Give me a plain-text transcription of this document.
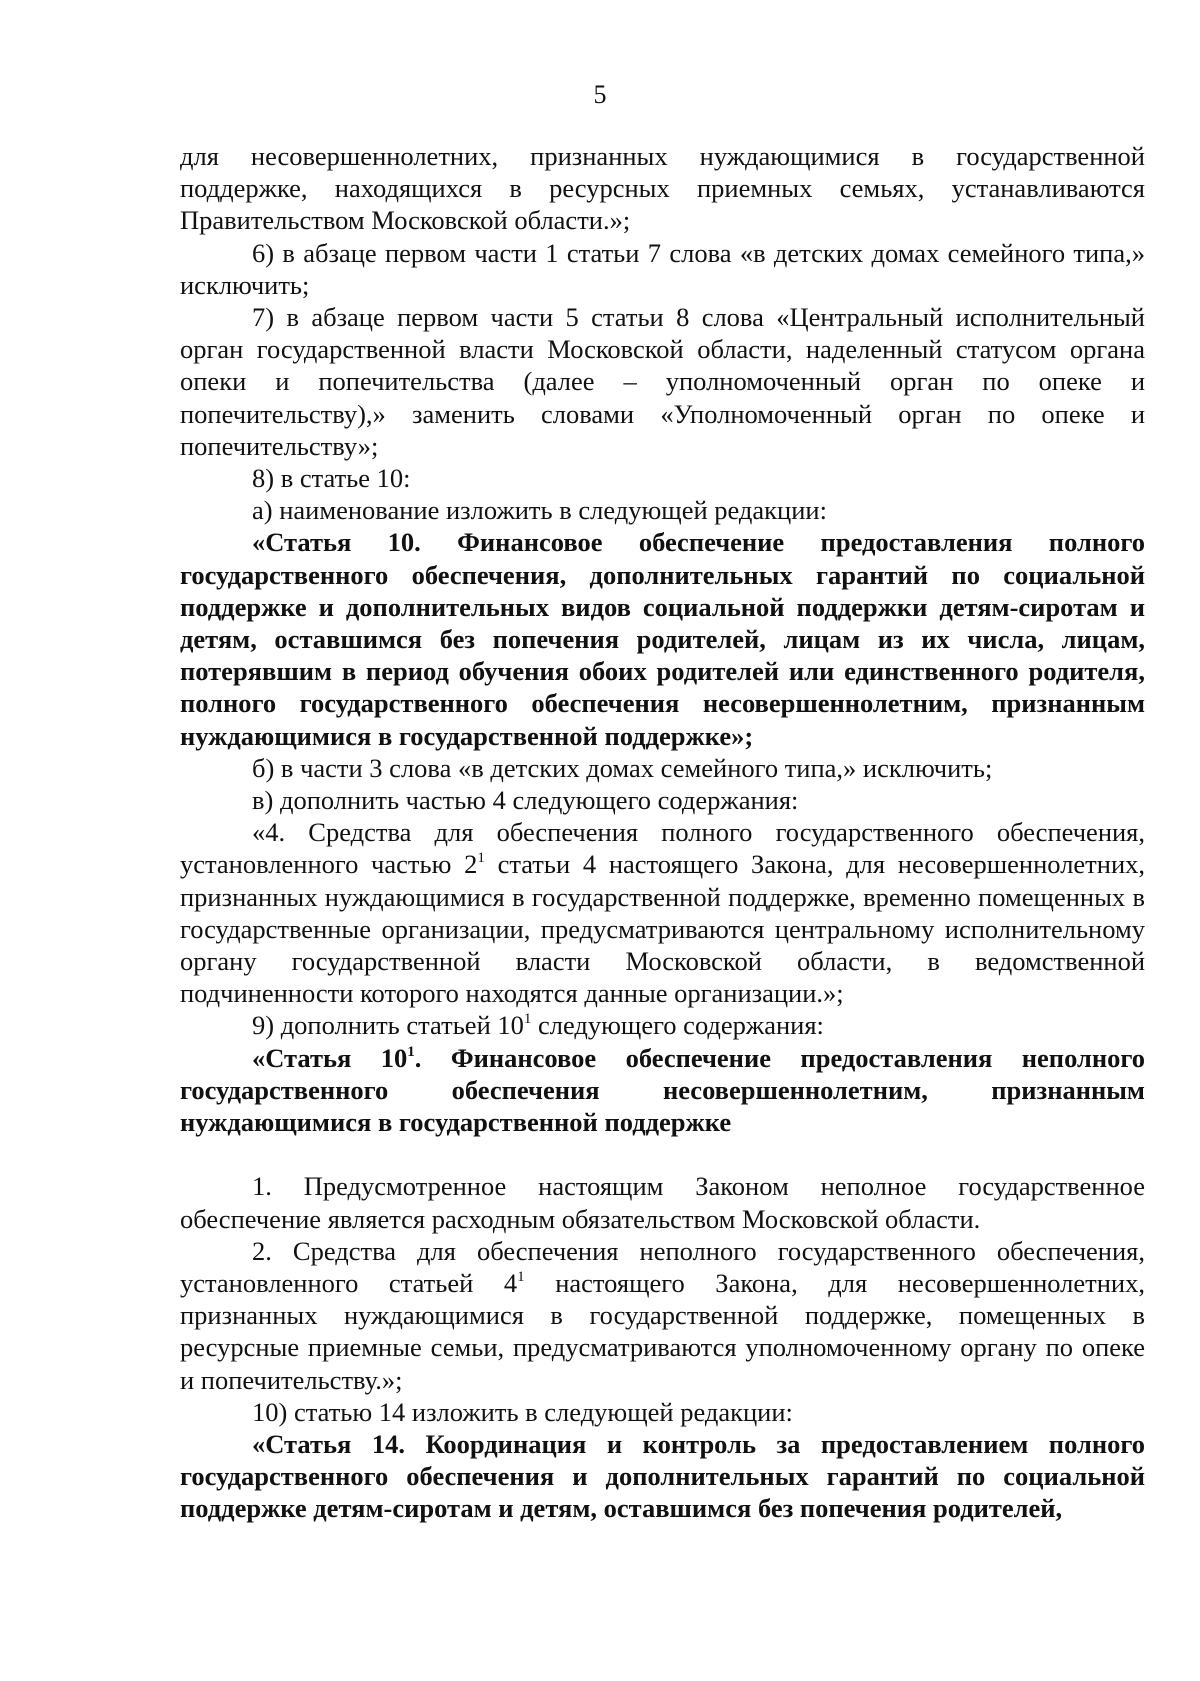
5

для несовершеннолетних, признанных нуждающимися в государственной поддержке, находящихся в ресурсных приемных семьях, устанавливаются Правительством Московской области.»;

6) в абзаце первом части 1 статьи 7 слова «в детских домах семейного типа,» исключить;

7) в абзаце первом части 5 статьи 8 слова «Центральный исполнительный орган государственной власти Московской области, наделенный статусом органа опеки и попечительства (далее – уполномоченный орган по опеке и попечительству),» заменить словами «Уполномоченный орган по опеке и попечительству»;

8) в статье 10:

а) наименование изложить в следующей редакции:

«Статья 10. Финансовое обеспечение предоставления полного государственного обеспечения, дополнительных гарантий по социальной поддержке и дополнительных видов социальной поддержки детям-сиротам и детям, оставшимся без попечения родителей, лицам из их числа, лицам, потерявшим в период обучения обоих родителей или единственного родителя, полного государственного обеспечения несовершеннолетним, признанным нуждающимися в государственной поддержке»;

б) в части 3 слова «в детских домах семейного типа,» исключить;

в) дополнить частью 4 следующего содержания:

«4. Средства для обеспечения полного государственного обеспечения, установленного частью $2^1$ статьи 4 настоящего Закона, для несовершеннолетних, признанных нуждающимися в государственной поддержке, временно помещенных в государственные организации, предусматриваются центральному исполнительному органу государственной власти Московской области, в ведомственной подчиненности которого находятся данные организации.»;

9) дополнить статьей $10^1$ следующего содержания:

«Статья $10^1$. Финансовое обеспечение предоставления неполного государственного обеспечения несовершеннолетним, признанным нуждающимися в государственной поддержке

1. Предусмотренное настоящим Законом неполное государственное обеспечение является расходным обязательством Московской области.

2. Средства для обеспечения неполного государственного обеспечения, установленного статьей $4^1$ настоящего Закона, для несовершеннолетних, признанных нуждающимися в государственной поддержке, помещенных в ресурсные приемные семьи, предусматриваются уполномоченному органу по опеке и попечительству.»;

10) статью 14 изложить в следующей редакции:

«Статья 14. Координация и контроль за предоставлением полного государственного обеспечения и дополнительных гарантий по социальной поддержке детям-сиротам и детям, оставшимся без попечения родителей,
